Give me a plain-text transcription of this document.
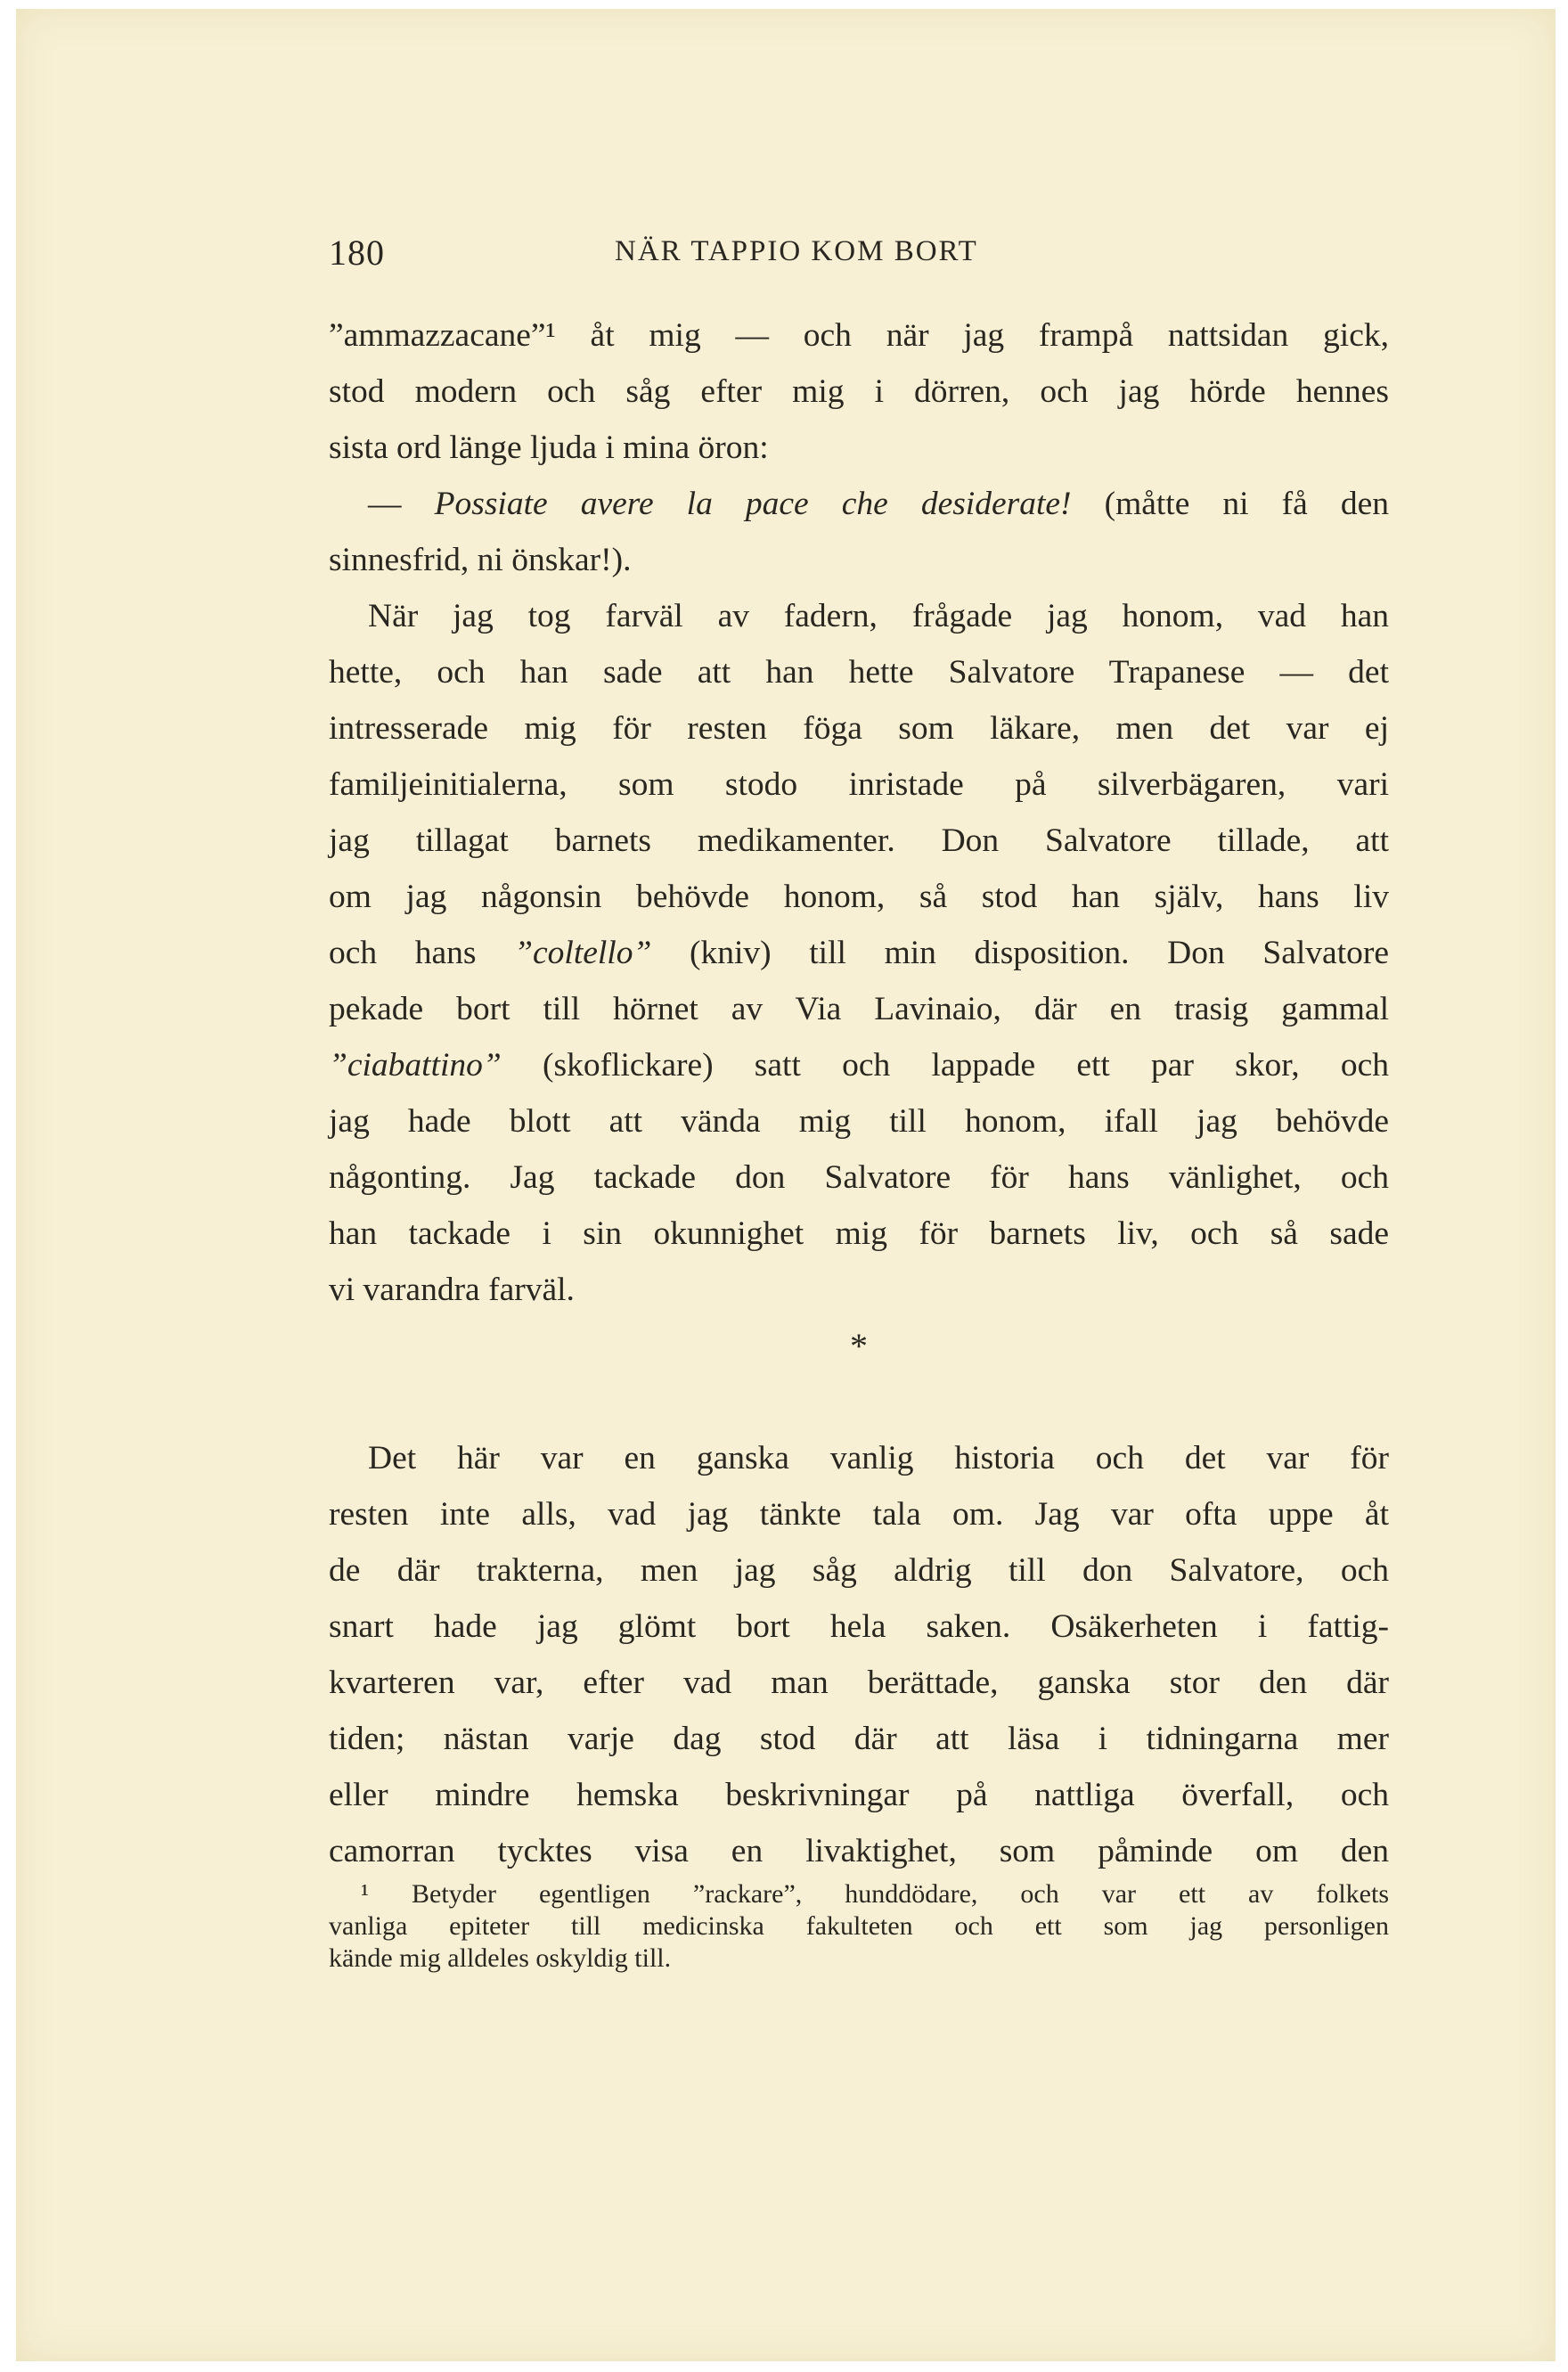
180	NÄR TAPPIO KOM BORT

”ammazzacane”¹ åt mig — och när jag frampå nattsidan gick,
stod modern och såg efter mig i dörren, och jag hörde hennes
sista ord länge ljuda i mina öron:

— Possiate avere la pace che desiderate! (måtte ni få den
sinnesfrid, ni önskar!).

När jag tog farväl av fadern, frågade jag honom, vad han
hette, och han sade att han hette Salvatore Trapanese — det
intresserade mig för resten föga som läkare, men det var ej
familjeinitialerna, som stodo inristade på silverbägaren, vari
jag tillagat barnets medikamenter. Don Salvatore tillade, att
om jag någonsin behövde honom, så stod han själv, hans liv
och hans ”coltello” (kniv) till min disposition. Don Salvatore
pekade bort till hörnet av Via Lavinaio, där en trasig gammal
”ciabattino” (skoflickare) satt och lappade ett par skor, och
jag hade blott att vända mig till honom, ifall jag behövde
någonting. Jag tackade don Salvatore för hans vänlighet, och
han tackade i sin okunnighet mig för barnets liv, och så sade
vi varandra farväl.

*

Det här var en ganska vanlig historia och det var för
resten inte alls, vad jag tänkte tala om. Jag var ofta uppe åt
de där trakterna, men jag såg aldrig till don Salvatore, och
snart hade jag glömt bort hela saken. Osäkerheten i fattig-
kvarteren var, efter vad man berättade, ganska stor den där
tiden; nästan varje dag stod där att läsa i tidningarna mer
eller mindre hemska beskrivningar på nattliga överfall, och
camorran tycktes visa en livaktighet, som påminde om den

¹ Betyder egentligen ”rackare”, hunddödare, och var ett av folkets
vanliga epiteter till medicinska fakulteten och ett som jag personligen
kände mig alldeles oskyldig till.
